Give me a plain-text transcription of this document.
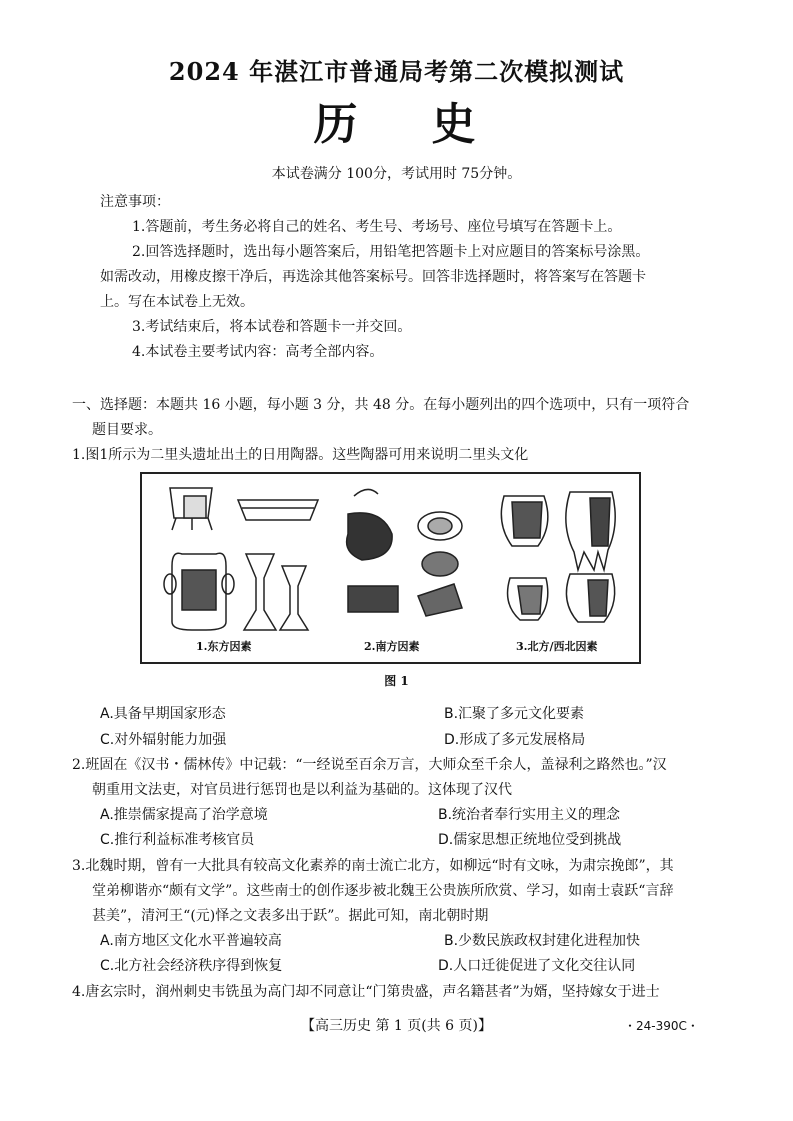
2024 年湛江市普通局考第二次模拟测试
历 史
本试卷满分 100分，考试用时 75分钟。
注意事项：
1.答题前，考生务必将自己的姓名、考生号、考场号、座位号填写在答题卡上。
2.回答选择题时，选出每小题答案后，用铅笔把答题卡上对应题目的答案标号涂黑。
如需改动，用橡皮擦干净后，再选涂其他答案标号。回答非选择题时，将答案写在答题卡
上。写在本试卷上无效。
3.考试结束后，将本试卷和答题卡一并交回。
4.本试卷主要考试内容：高考全部内容。
一、选择题：本题共 16 小题，每小题 3 分，共 48 分。在每小题列出的四个选项中，只有一项符合
题目要求。
1.图1所示为二里头遗址出土的日用陶器。这些陶器可用来说明二里头文化
1.东方因素	2.南方因素	3.北方/西北因素
图 1
A.具备早期国家形态	B.汇聚了多元文化要素
C.对外辐射能力加强	D.形成了多元发展格局
2.班固在《汉书・儒林传》中记载：“一经说至百余万言，大师众至千余人，盖禄利之路然也。”汉
朝重用文法吏，对官员进行惩罚也是以利益为基础的。这体现了汉代
A.推崇儒家提高了治学意境	B.统治者奉行实用主义的理念
C.推行利益标准考核官员	D.儒家思想正统地位受到挑战
3.北魏时期，曾有一大批具有较高文化素养的南士流亡北方，如柳远“时有文咏，为肃宗挽郎”，其
堂弟柳谐亦“颇有文学”。这些南士的创作逐步被北魏王公贵族所欣赏、学习，如南士袁跃“言辞
甚美”，清河王“(元)怿之文表多出于跃”。据此可知，南北朝时期
A.南方地区文化水平普遍较高	B.少数民族政权封建化进程加快
C.北方社会经济秩序得到恢复	D.人口迁徙促进了文化交往认同
4.唐玄宗时，润州刺史韦铣虽为高门却不同意让“门第贵盛，声名籍甚者”为婿，坚持嫁女于进士
【高三历史 第 1 页(共 6 页)】	・24-390C・
